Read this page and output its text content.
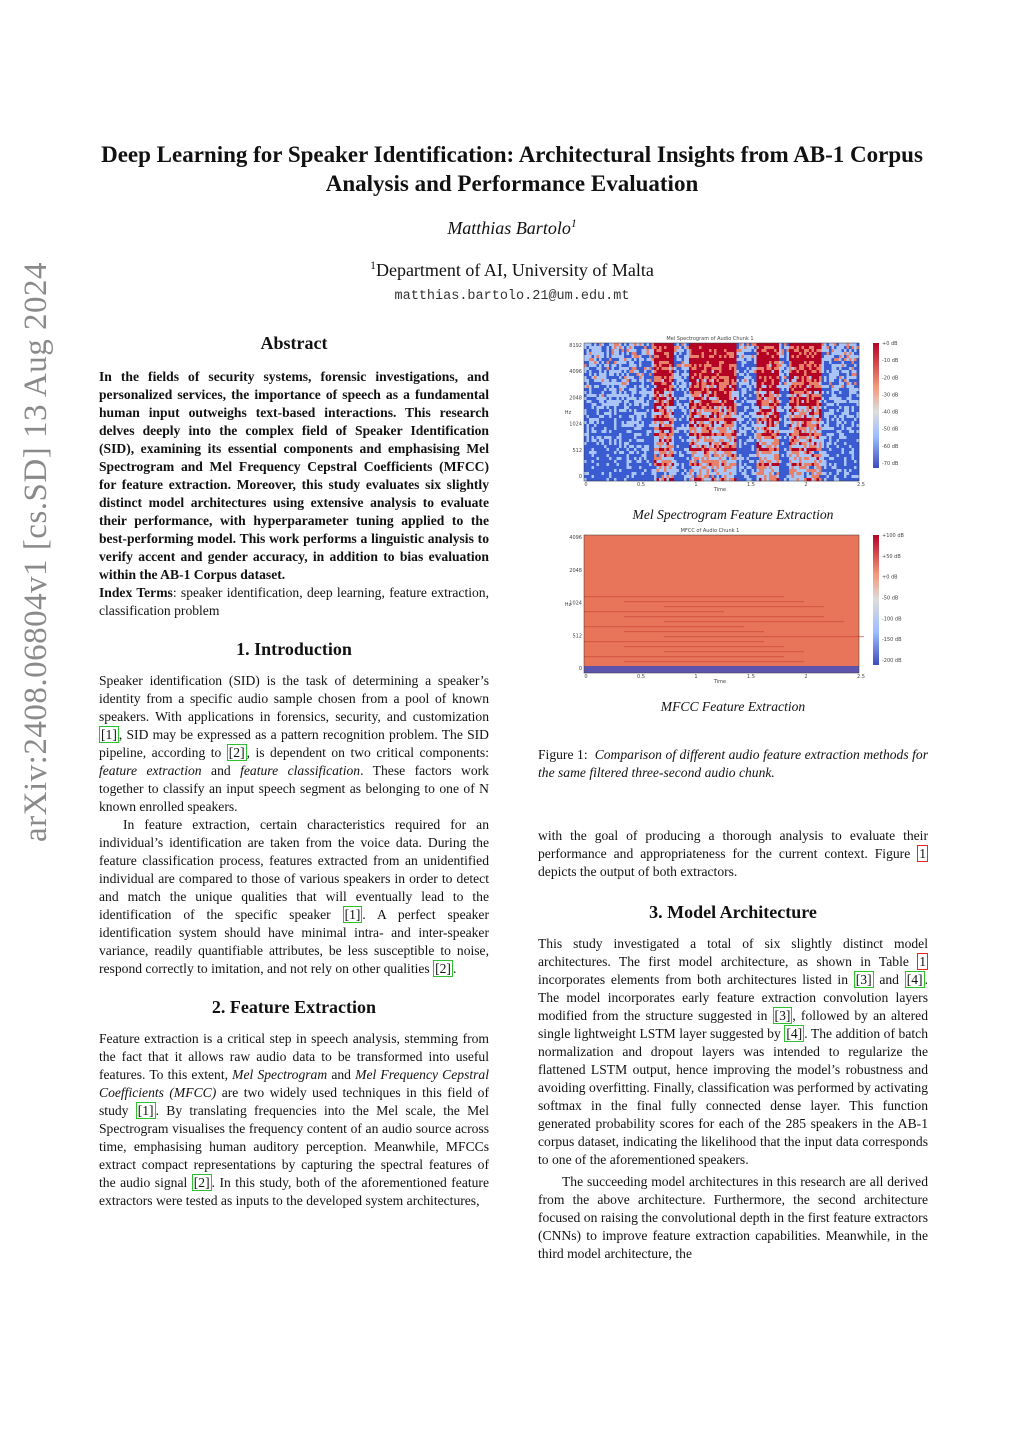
arXiv:2408.06804v1 [cs.SD] 13 Aug 2024
Deep Learning for Speaker Identification: Architectural Insights from AB-1 Corpus Analysis and Performance Evaluation
Matthias Bartolo$^1$
$^1$Department of AI, University of Malta
matthias.bartolo.21@um.edu.mt
Abstract

In the fields of security systems, forensic investigations, and personalized services, the importance of speech as a fundamental human input outweighs text-based interactions. This research delves deeply into the complex field of Speaker Identification (SID), examining its essential components and emphasising Mel Spectrogram and Mel Frequency Cepstral Coefficients (MFCC) for feature extraction. Moreover, this study evaluates six slightly distinct model architectures using extensive analysis to evaluate their performance, with hyperparameter tuning applied to the best-performing model. This work performs a linguistic analysis to verify accent and gender accuracy, in addition to bias evaluation within the AB-1 Corpus dataset.

Index Terms: speaker identification, deep learning, feature extraction, classification problem

1. Introduction

Speaker identification (SID) is the task of determining a speaker’s identity from a specific audio sample chosen from a pool of known speakers. With applications in forensics, security, and customization [1] , SID may be expressed as a pattern recognition problem. The SID pipeline, according to [2] , is dependent on two critical components: feature extraction and feature classification. These factors work together to classify an input speech segment as belonging to one of N known enrolled speakers.

In feature extraction, certain characteristics required for an individual’s identification are taken from the voice data. During the feature classification process, features extracted from an unidentified individual are compared to those of various speakers in order to detect and match the unique qualities that will eventually lead to the identification of the specific speaker [1] . A perfect speaker identification system should have minimal intra- and inter-speaker variance, readily quantifiable attributes, be less susceptible to noise, respond correctly to imitation, and not rely on other qualities [2] .

2. Feature Extraction

Feature extraction is a critical step in speech analysis, stemming from the fact that it allows raw audio data to be transformed into useful features. To this extent, Mel Spectrogram and Mel Frequency Cepstral Coefficients (MFCC) are two widely used techniques in this field of study [1] . By translating frequencies into the Mel scale, the Mel Spectrogram visualises the frequency content of an audio source across time, emphasising human auditory perception. Meanwhile, MFCCs extract compact representations by capturing the spectral features of the audio signal [2] . In this study, both of the aforementioned feature extractors were tested as inputs to the developed system architectures,

Mel Spectrogram of Audio Chunk 1
8192
4096
2048
1024
512
0
0	0.5	1	1.5	2	2.5
Time
Hz
+0 dB
-10 dB
-20 dB
-30 dB
-40 dB
-50 dB
-60 dB
-70 dB
Mel Spectrogram Feature Extraction
MFCC of Audio Chunk 1
4096
2048
1024
512
0
0	0.5	1	1.5	2	2.5
Time
Hz
+100 dB
+50 dB
+0 dB
-50 dB
-100 dB
-150 dB
-200 dB
MFCC Feature Extraction
Figure 1: Comparison of different audio feature extraction methods for the same filtered three-second audio chunk.

with the goal of producing a thorough analysis to evaluate their performance and appropriateness for the current context. Figure 1 depicts the output of both extractors.

3. Model Architecture

This study investigated a total of six slightly distinct model architectures. The first model architecture, as shown in Table 1 incorporates elements from both architectures listed in [3] and [4] . The model incorporates early feature extraction convolution layers modified from the structure suggested in [3] , followed by an altered single lightweight LSTM layer suggested by [4] . The addition of batch normalization and dropout layers was intended to regularize the flattened LSTM output, hence improving the model’s robustness and avoiding overfitting. Finally, classification was performed by activating softmax in the final fully connected dense layer. This function generated probability scores for each of the 285 speakers in the AB-1 corpus dataset, indicating the likelihood that the input data corresponds to one of the aforementioned speakers.

The succeeding model architectures in this research are all derived from the above architecture. Furthermore, the second architecture focused on raising the convolutional depth in the first feature extractors (CNNs) to improve feature extraction capabilities. Meanwhile, in the third model architecture, the
